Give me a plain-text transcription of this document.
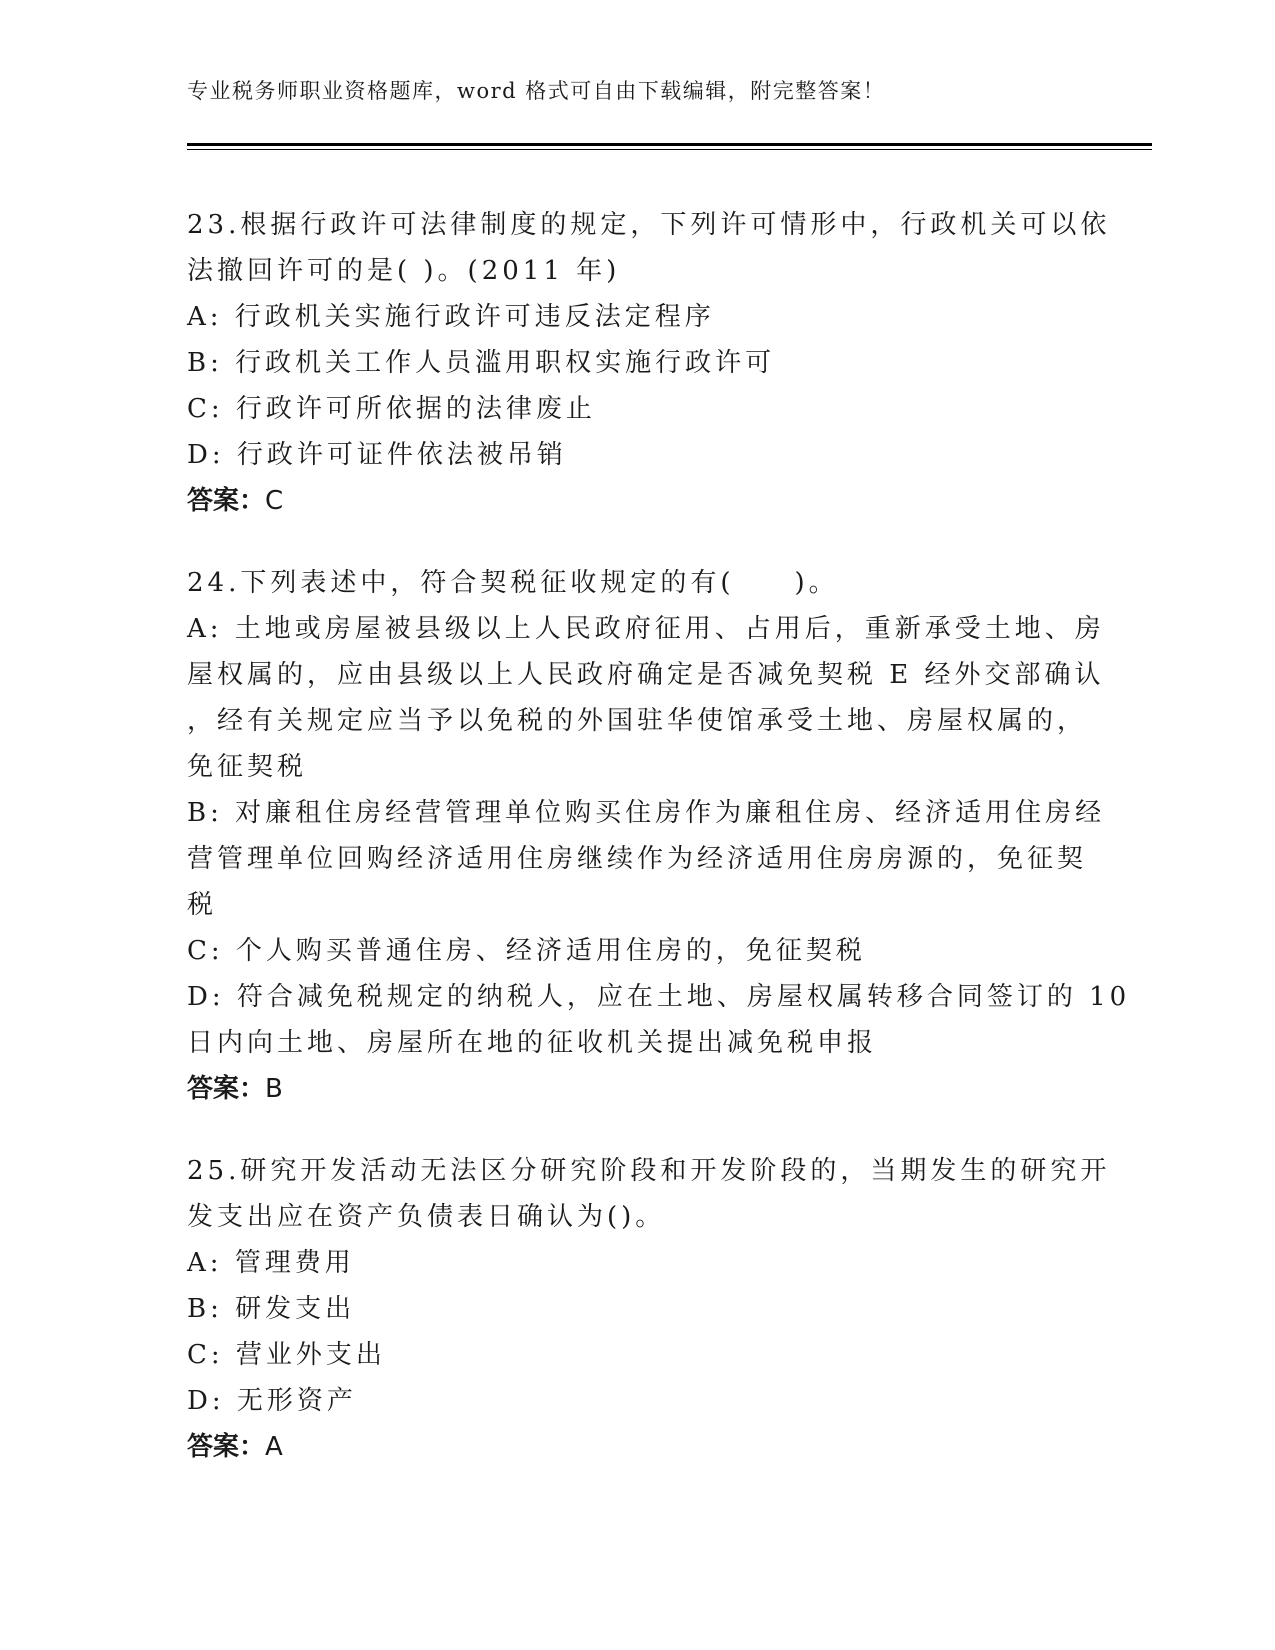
专业税务师职业资格题库，word 格式可自由下载编辑，附完整答案！
23.根据行政许可法律制度的规定，下列许可情形中，行政机关可以依
法撤回许可的是( )。(2011 年)
A: 行政机关实施行政许可违反法定程序
B: 行政机关工作人员滥用职权实施行政许可
C: 行政许可所依据的法律废止
D: 行政许可证件依法被吊销
答案：C
24.下列表述中，符合契税征收规定的有(　　)。
A: 土地或房屋被县级以上人民政府征用、占用后，重新承受土地、房
屋权属的，应由县级以上人民政府确定是否减免契税 E 经外交部确认
，经有关规定应当予以免税的外国驻华使馆承受土地、房屋权属的，
免征契税
B: 对廉租住房经营管理单位购买住房作为廉租住房、经济适用住房经
营管理单位回购经济适用住房继续作为经济适用住房房源的，免征契
税
C: 个人购买普通住房、经济适用住房的，免征契税
D: 符合减免税规定的纳税人，应在土地、房屋权属转移合同签订的 10
日内向土地、房屋所在地的征收机关提出减免税申报
答案：B
25.研究开发活动无法区分研究阶段和开发阶段的，当期发生的研究开
发支出应在资产负债表日确认为()。
A: 管理费用
B: 研发支出
C: 营业外支出
D: 无形资产
答案：A
